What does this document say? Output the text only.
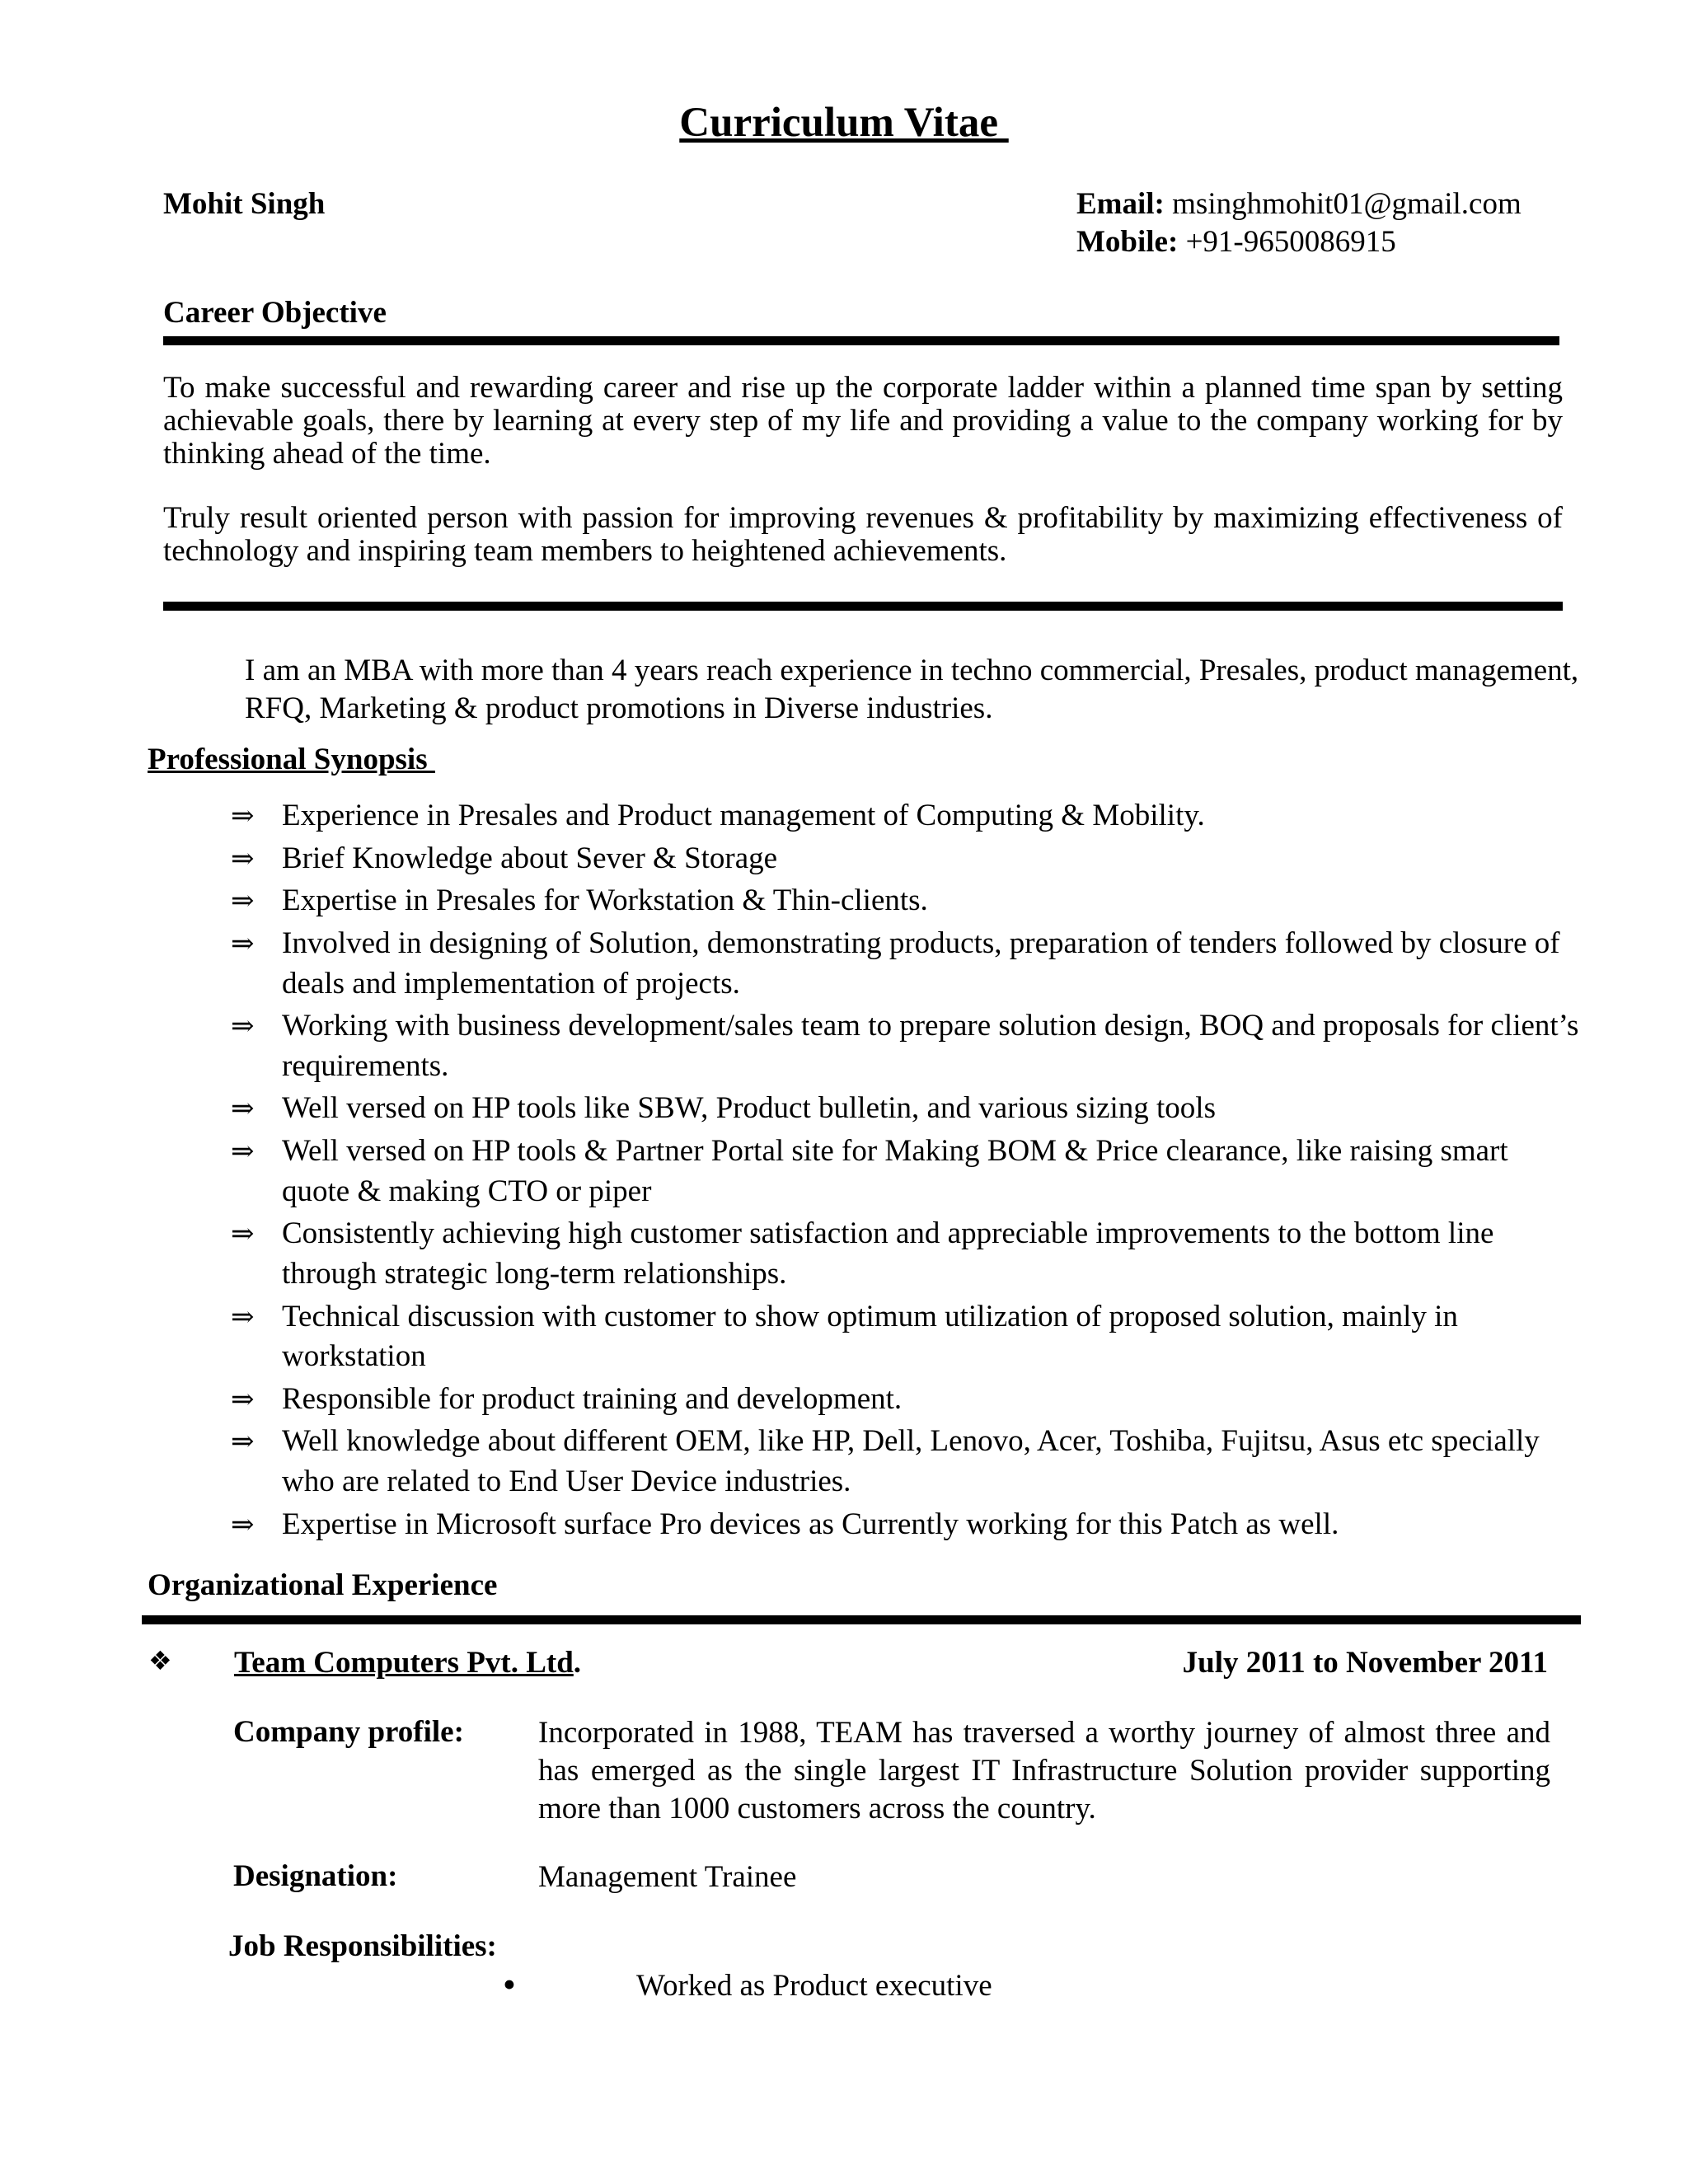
Curriculum Vitae
Mohit Singh	Email: msinghmohit01@gmail.com
Mobile: +91-9650086915
Career Objective
To make successful and rewarding career and rise up the corporate ladder within a planned time span by setting achievable goals, there by learning at every step of my life and providing a value to the company working for by thinking ahead of the time.
Truly result oriented person with passion for improving revenues & profitability by maximizing effectiveness of technology and inspiring team members to heightened achievements.
I am an MBA with more than 4 years reach experience in techno commercial, Presales, product management, RFQ, Marketing & product promotions in Diverse industries.
Professional Synopsis
⇒ Experience in Presales and Product management of Computing & Mobility.
⇒ Brief Knowledge about Sever & Storage
⇒ Expertise in Presales for Workstation & Thin-clients.
⇒ Involved in designing of Solution, demonstrating products, preparation of tenders followed by closure of deals and implementation of projects.
⇒ Working with business development/sales team to prepare solution design, BOQ and proposals for client’s requirements.
⇒ Well versed on HP tools like SBW, Product bulletin, and various sizing tools
⇒ Well versed on HP tools & Partner Portal site for Making BOM & Price clearance, like raising smart quote & making CTO or piper
⇒ Consistently achieving high customer satisfaction and appreciable improvements to the bottom line through strategic long-term relationships.
⇒ Technical discussion with customer to show optimum utilization of proposed solution, mainly in workstation
⇒ Responsible for product training and development.
⇒ Well knowledge about different OEM, like HP, Dell, Lenovo, Acer, Toshiba, Fujitsu, Asus etc specially who are related to End User Device industries.
⇒ Expertise in Microsoft surface Pro devices as Currently working for this Patch as well.
Organizational Experience
❖ Team Computers Pvt. Ltd.	July 2011 to November 2011
Company profile: Incorporated in 1988, TEAM has traversed a worthy journey of almost three and has emerged as the single largest IT Infrastructure Solution provider supporting more than 1000 customers across the country.
Designation:	Management Trainee
Job Responsibilities:
•	Worked as Product executive
